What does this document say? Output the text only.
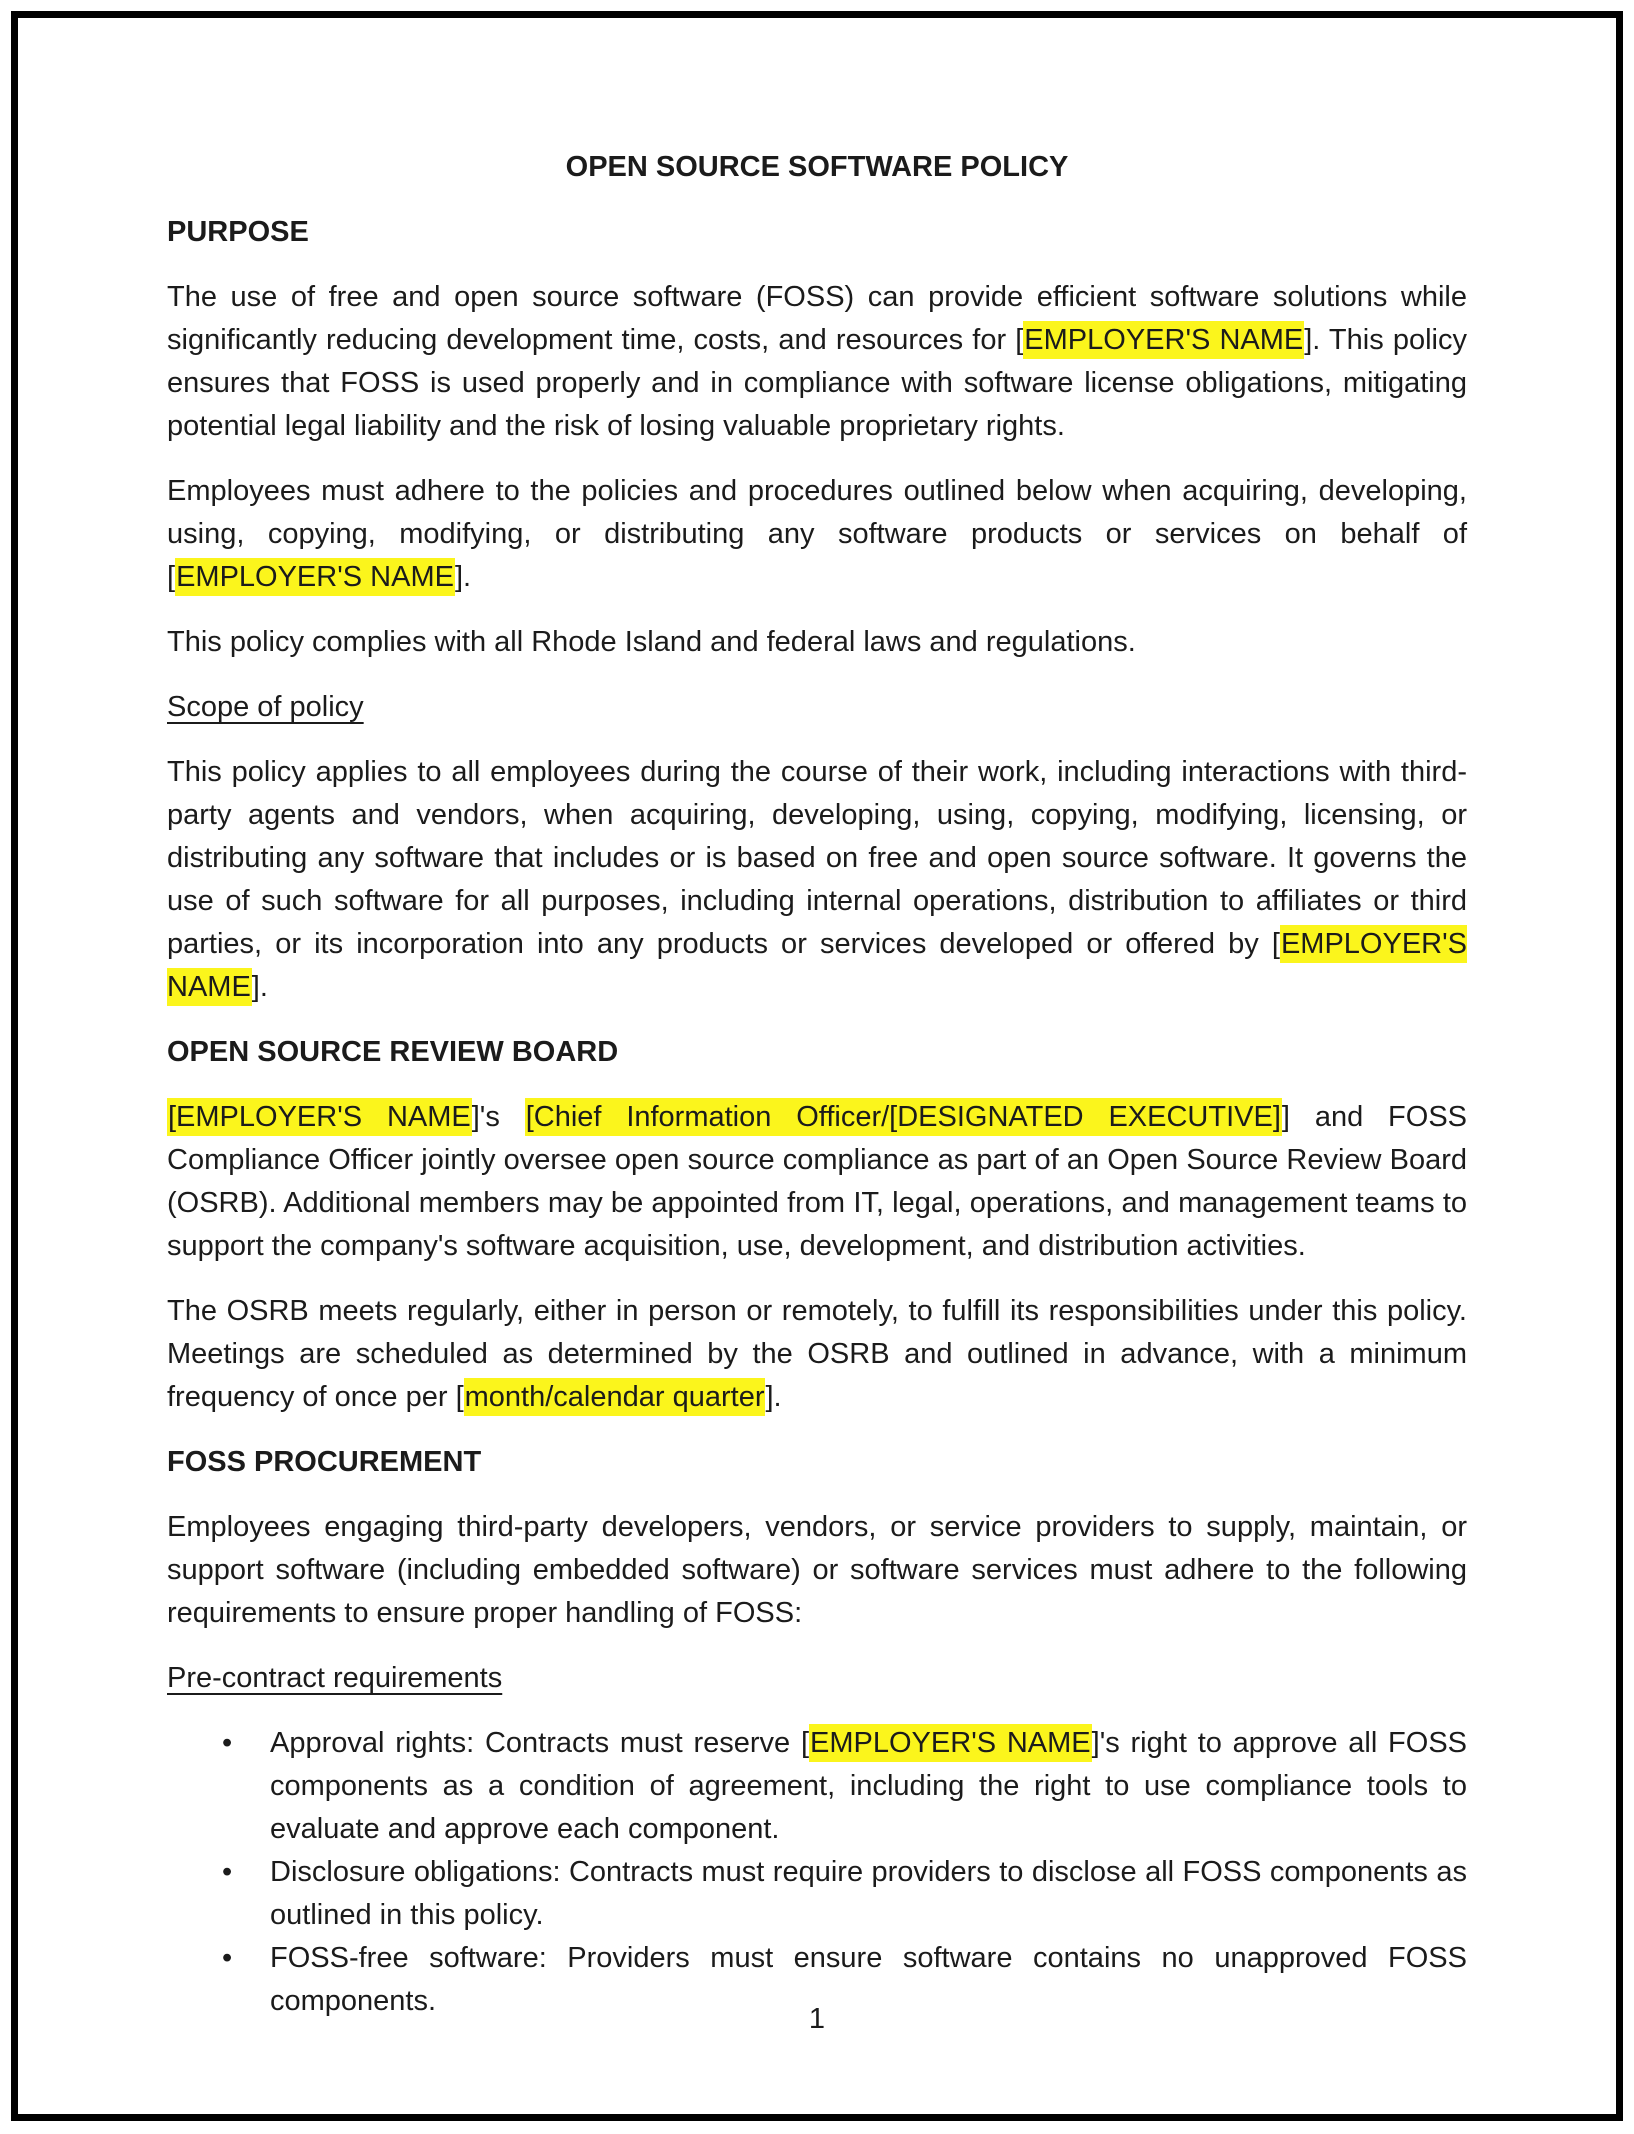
OPEN SOURCE SOFTWARE POLICY
PURPOSE

The use of free and open source software (FOSS) can provide efficient software solutions while significantly reducing development time, costs, and resources for [EMPLOYER'S NAME]. This policy ensures that FOSS is used properly and in compliance with software license obligations, mitigating potential legal liability and the risk of losing valuable proprietary rights.

Employees must adhere to the policies and procedures outlined below when acquiring, developing, using, copying, modifying, or distributing any software products or services on behalf of [EMPLOYER'S NAME].

This policy complies with all Rhode Island and federal laws and regulations.

Scope of policy

This policy applies to all employees during the course of their work, including interactions with third-party agents and vendors, when acquiring, developing, using, copying, modifying, licensing, or distributing any software that includes or is based on free and open source software. It governs the use of such software for all purposes, including internal operations, distribution to affiliates or third parties, or its incorporation into any products or services developed or offered by [EMPLOYER'S NAME].

OPEN SOURCE REVIEW BOARD

[EMPLOYER'S NAME]'s [Chief Information Officer/[DESIGNATED EXECUTIVE]] and FOSS Compliance Officer jointly oversee open source compliance as part of an Open Source Review Board (OSRB). Additional members may be appointed from IT, legal, operations, and management teams to support the company's software acquisition, use, development, and distribution activities.

The OSRB meets regularly, either in person or remotely, to fulfill its responsibilities under this policy. Meetings are scheduled as determined by the OSRB and outlined in advance, with a minimum frequency of once per [month/calendar quarter].

FOSS PROCUREMENT

Employees engaging third-party developers, vendors, or service providers to supply, maintain, or support software (including embedded software) or software services must adhere to the following requirements to ensure proper handling of FOSS:

Pre-contract requirements
• Approval rights: Contracts must reserve [EMPLOYER'S NAME]'s right to approve all FOSS components as a condition of agreement, including the right to use compliance tools to evaluate and approve each component.
• Disclosure obligations: Contracts must require providers to disclose all FOSS components as outlined in this policy.
• FOSS-free software: Providers must ensure software contains no unapproved FOSS components.
1
